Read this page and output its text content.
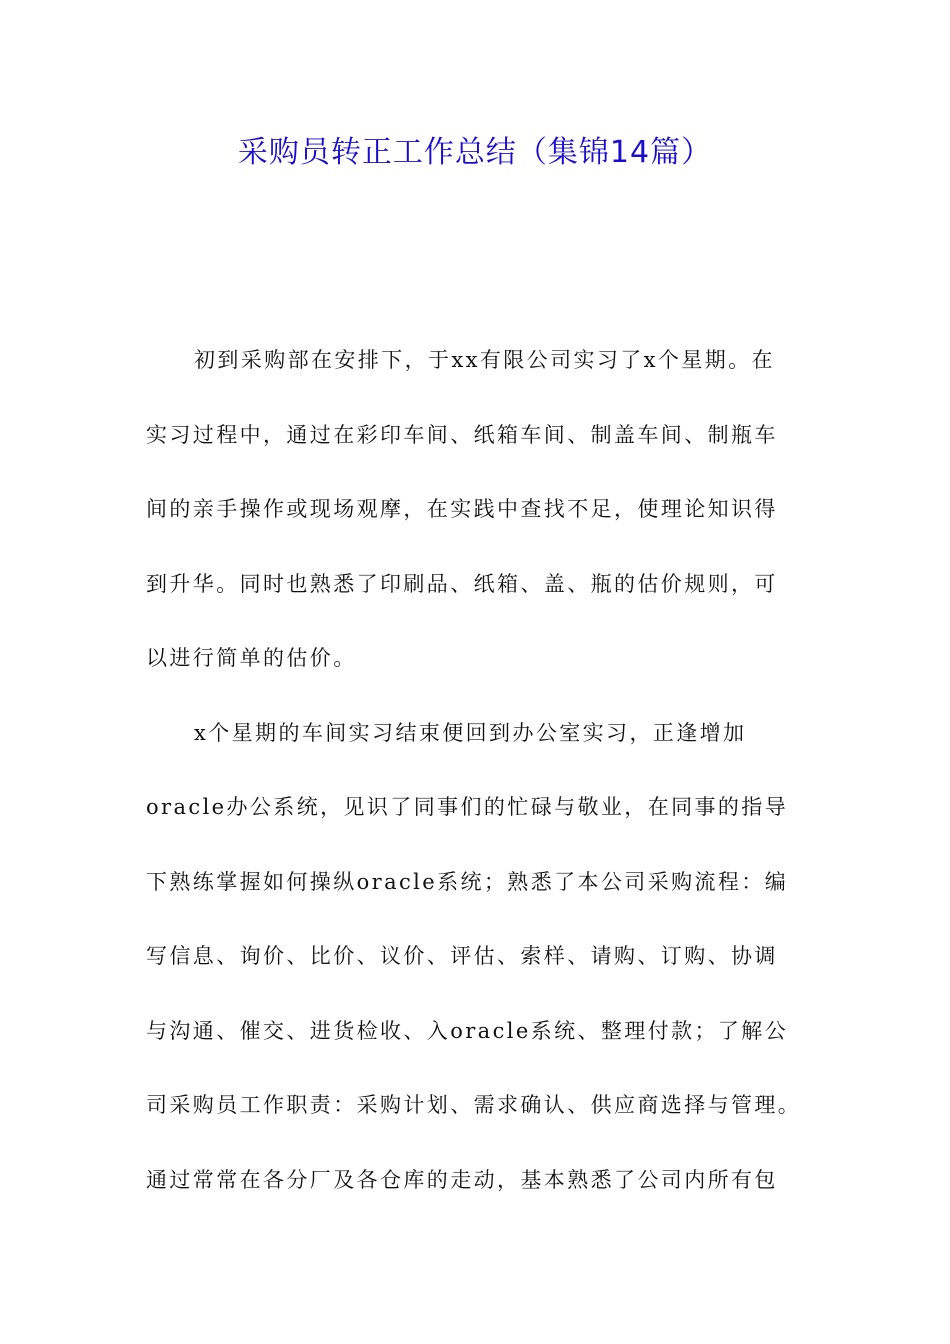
采购员转正工作总结（集锦14篇）
初到采购部在安排下，于xx有限公司实习了x个星期。在
实习过程中，通过在彩印车间、纸箱车间、制盖车间、制瓶车
间的亲手操作或现场观摩，在实践中查找不足，使理论知识得
到升华。同时也熟悉了印刷品、纸箱、盖、瓶的估价规则，可
以进行简单的估价。
x个星期的车间实习结束便回到办公室实习，正逢增加
oracle办公系统，见识了同事们的忙碌与敬业，在同事的指导
下熟练掌握如何操纵oracle系统；熟悉了本公司采购流程：编
写信息、询价、比价、议价、评估、索样、请购、订购、协调
与沟通、催交、进货检收、入oracle系统、整理付款；了解公
司采购员工作职责：采购计划、需求确认、供应商选择与管理。
通过常常在各分厂及各仓库的走动，基本熟悉了公司内所有包
